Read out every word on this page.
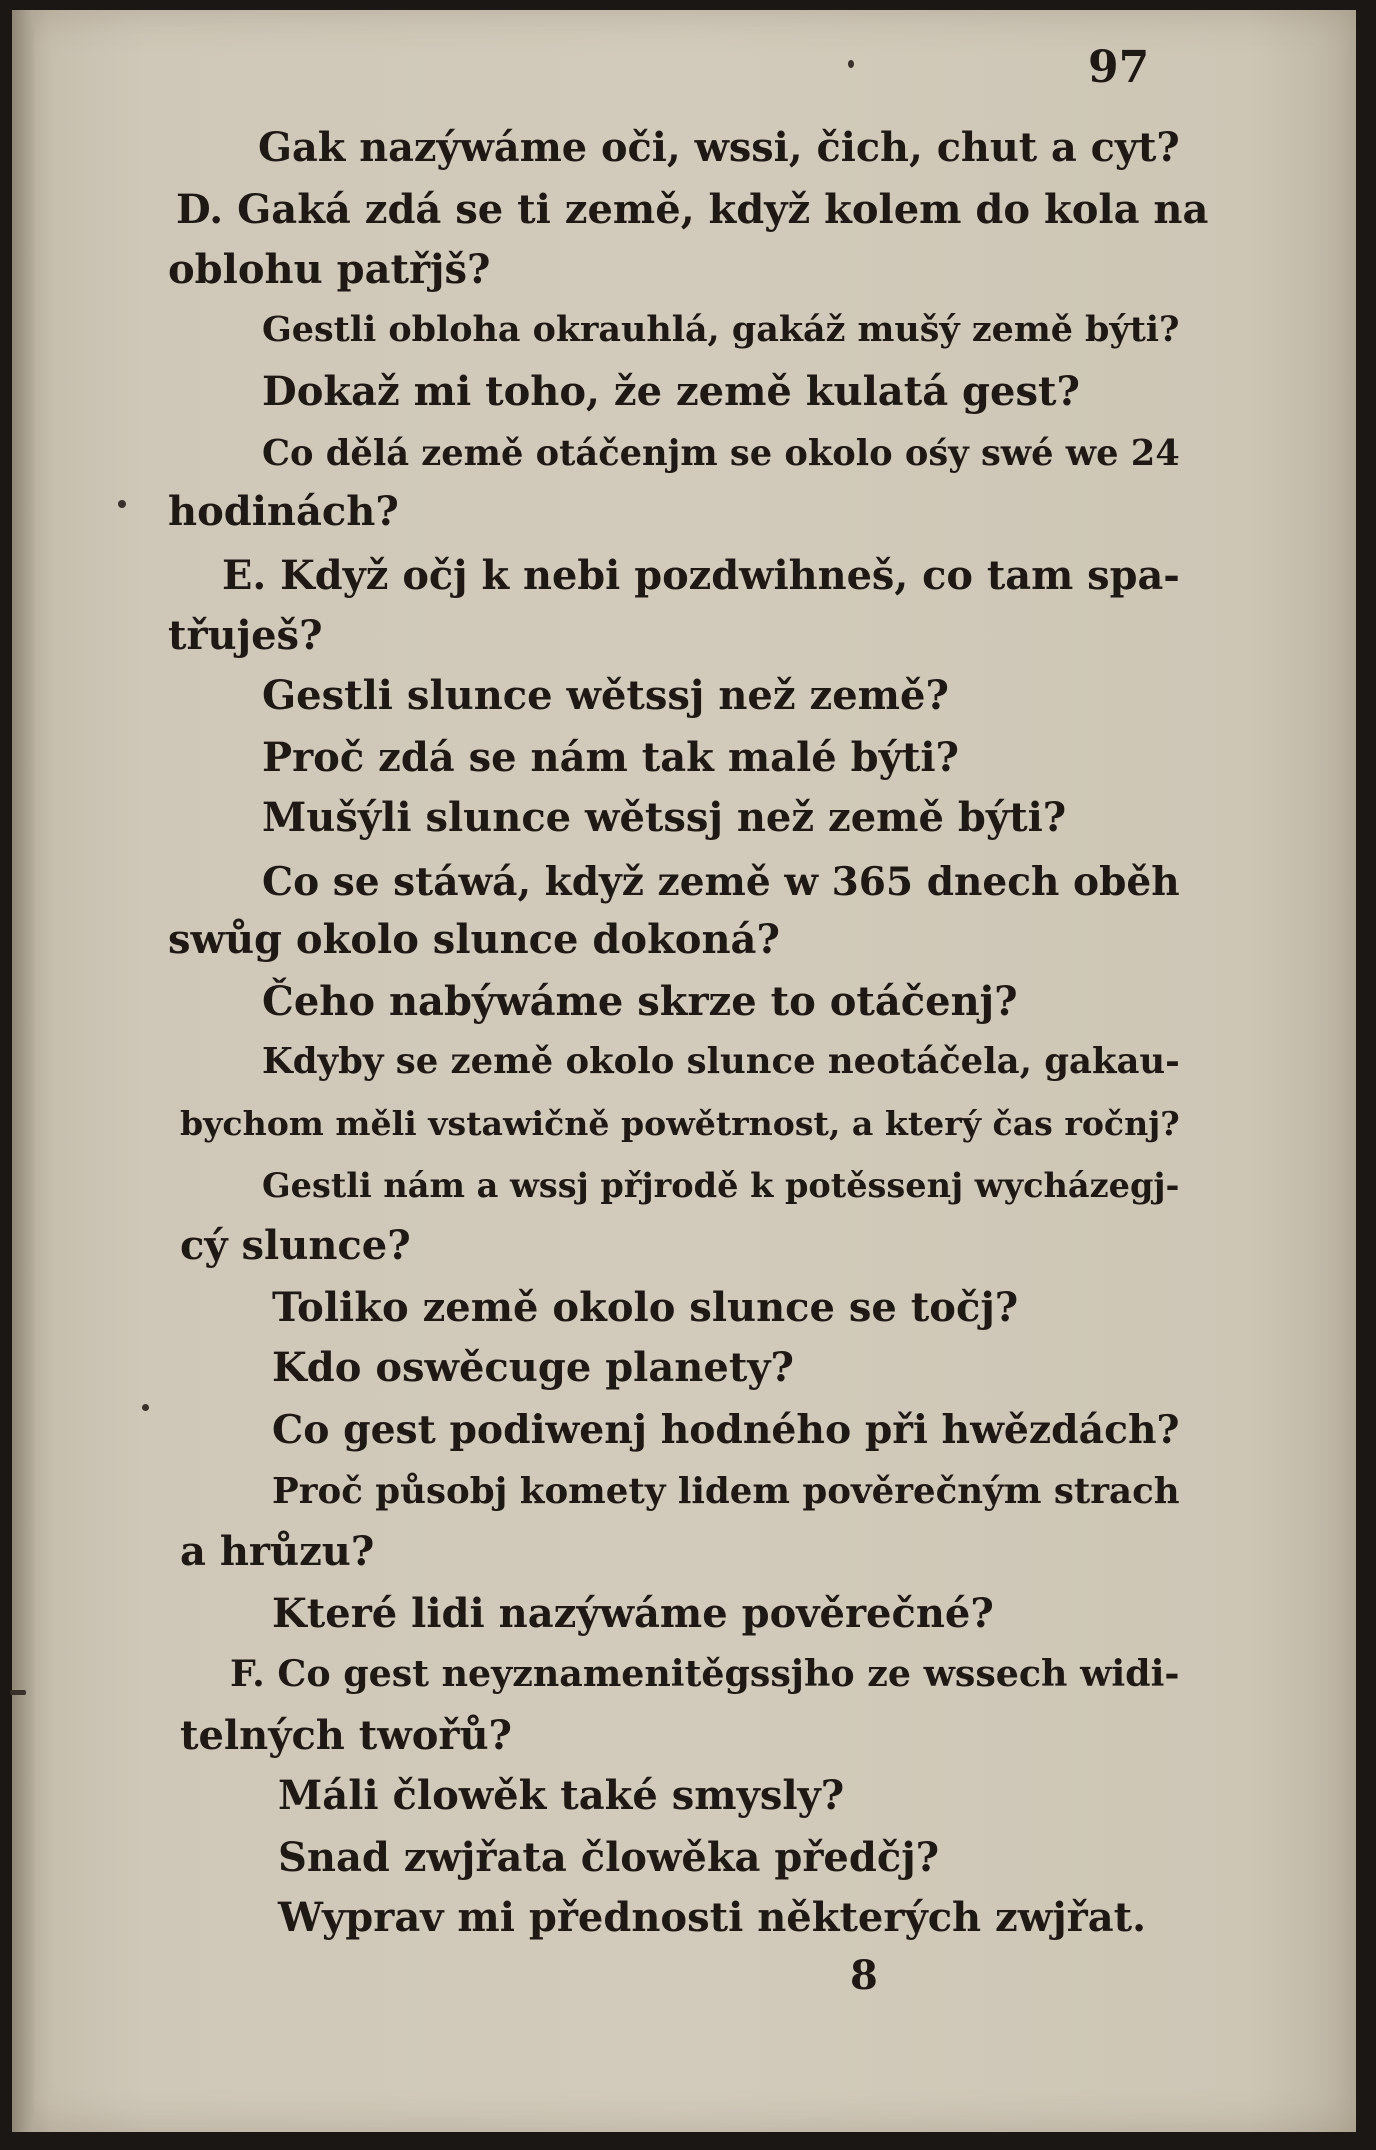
97
Gak nazýwáme oči, wssi, čich, chut a cyt?
D. Gaká zdá se ti země, když kolem do kola na
oblohu patřjš?
Gestli obloha okrauhlá, gakáž mušý země býti?
Dokaž mi toho, že země kulatá gest?
Co dělá země otáčenjm se okolo ośy swé we 24
hodinách?
E. Když očj k nebi pozdwihneš, co tam spa-
třuješ?
Gestli slunce wětssj než země?
Proč zdá se nám tak malé býti?
Mušýli slunce wětssj než země býti?
Co se stáwá, když země w 365 dnech oběh
swůg okolo slunce dokoná?
Čeho nabýwáme skrze to otáčenj?
Kdyby se země okolo slunce neotáčela, gakau-
bychom měli vstawičně powětrnost, a který čas ročnj?
Gestli nám a wssj přjrodě k potěssenj wycházegj-
cý slunce?
Toliko země okolo slunce se točj?
Kdo oswěcuge planety?
Co gest podiwenj hodného při hwězdách?
Proč působj komety lidem pověrečným strach
a hrůzu?
Které lidi nazýwáme pověrečné?
F. Co gest neyznamenitěgssjho ze wssech widi-
telných twořů?
Máli člowěk také smysly?
Snad zwjřata člowěka předčj?
Wyprav mi přednosti některých zwjřat.
8
